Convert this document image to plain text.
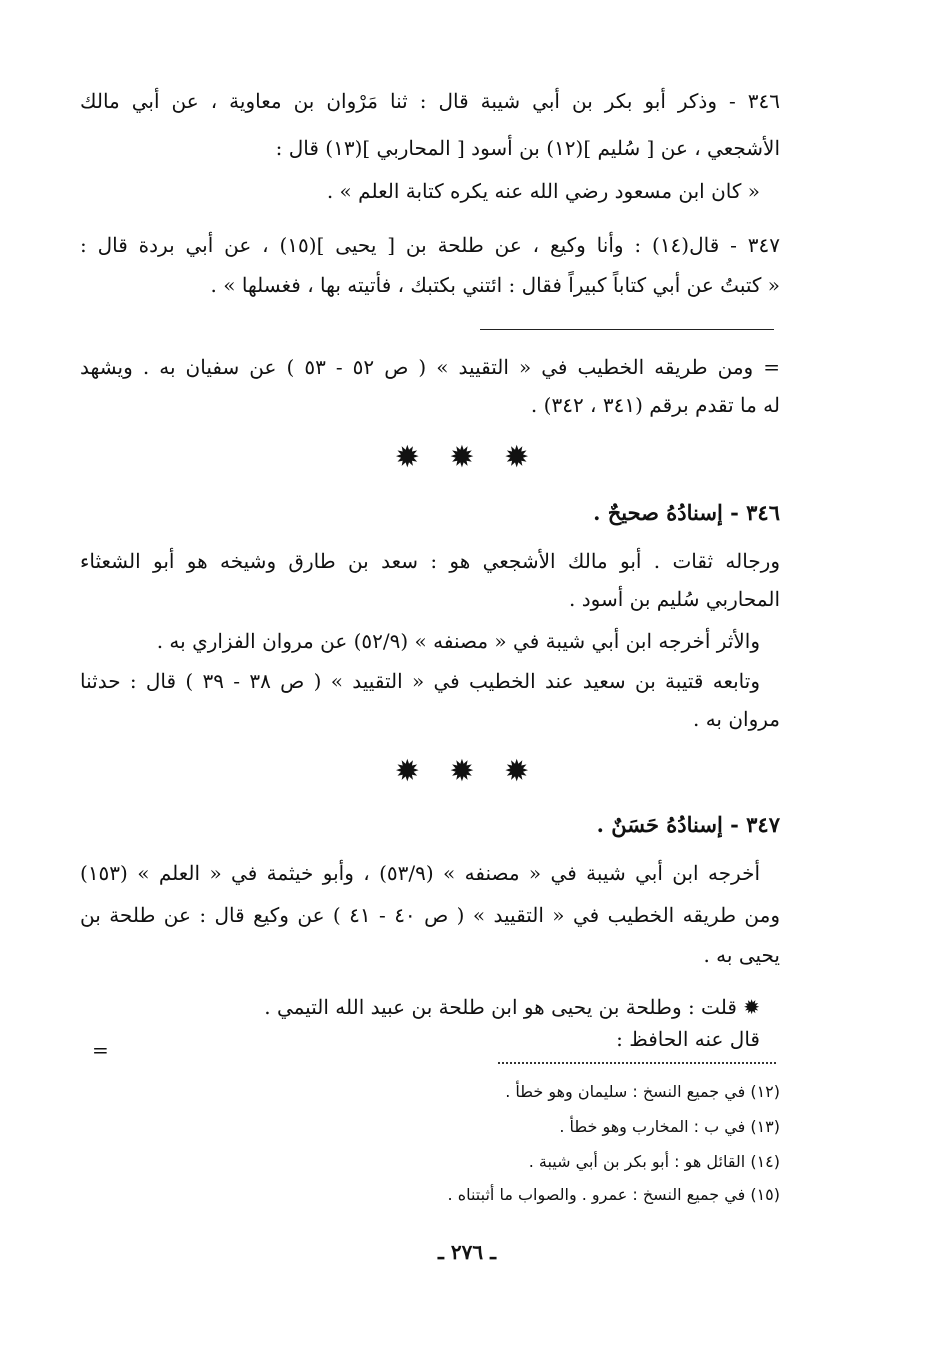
٣٤٦ - وذكر أبو بكر بن أبي شيبة قال : ثنا مَرْوان بن معاوية ، عن أبي مالك
الأشجعي ، عن [ سُليم ](١٢) بن أسود [ المحاربي ](١٣) قال :
« كان ابن مسعود رضي الله عنه يكره كتابة العلم » .
٣٤٧ - قال(١٤) : وأنا وكيع ، عن طلحة بن [ يحيى ](١٥) ، عن أبي بردة قال :
« كتبتُ عن أبي كتاباً كبيراً فقال : ائتني بكتبك ، فأتيته بها ، فغسلها » .
= ومن طريقه الخطيب في « التقييد » ( ص ٥٢ - ٥٣ ) عن سفيان به . ويشهد
له ما تقدم برقم (٣٤١ ، ٣٤٢) .
✹ ✹ ✹
٣٤٦ - إسنادُهُ صحيحٌ .
ورجاله ثقات . أبو مالك الأشجعي هو : سعد بن طارق وشيخه هو أبو الشعثاء
المحاربي سُليم بن أسود .
والأثر أخرجه ابن أبي شيبة في « مصنفه » (٥٢/٩) عن مروان الفزاري به .
وتابعه قتيبة بن سعيد عند الخطيب في « التقييد » ( ص ٣٨ - ٣٩ ) قال : حدثنا
مروان به .
✹ ✹ ✹
٣٤٧ - إسنادُهُ حَسَنٌ .
أخرجه ابن أبي شيبة في « مصنفه » (٥٣/٩) ، وأبو خيثمة في « العلم » (١٥٣)
ومن طريقه الخطيب في « التقييد » ( ص ٤٠ - ٤١ ) عن وكيع قال : عن طلحة بن
يحيى به .
✹ قلت : وطلحة بن يحيى هو ابن طلحة بن عبيد الله التيمي .
قال عنه الحافظ :
=
(١٢) في جميع النسخ : سليمان وهو خطأ .
(١٣) في ب : المخارب وهو خطأ .
(١٤) القائل هو : أبو بكر بن أبي شيبة .
(١٥) في جميع النسخ : عمرو . والصواب ما أثبتناه .
ـ ٢٧٦ ـ
